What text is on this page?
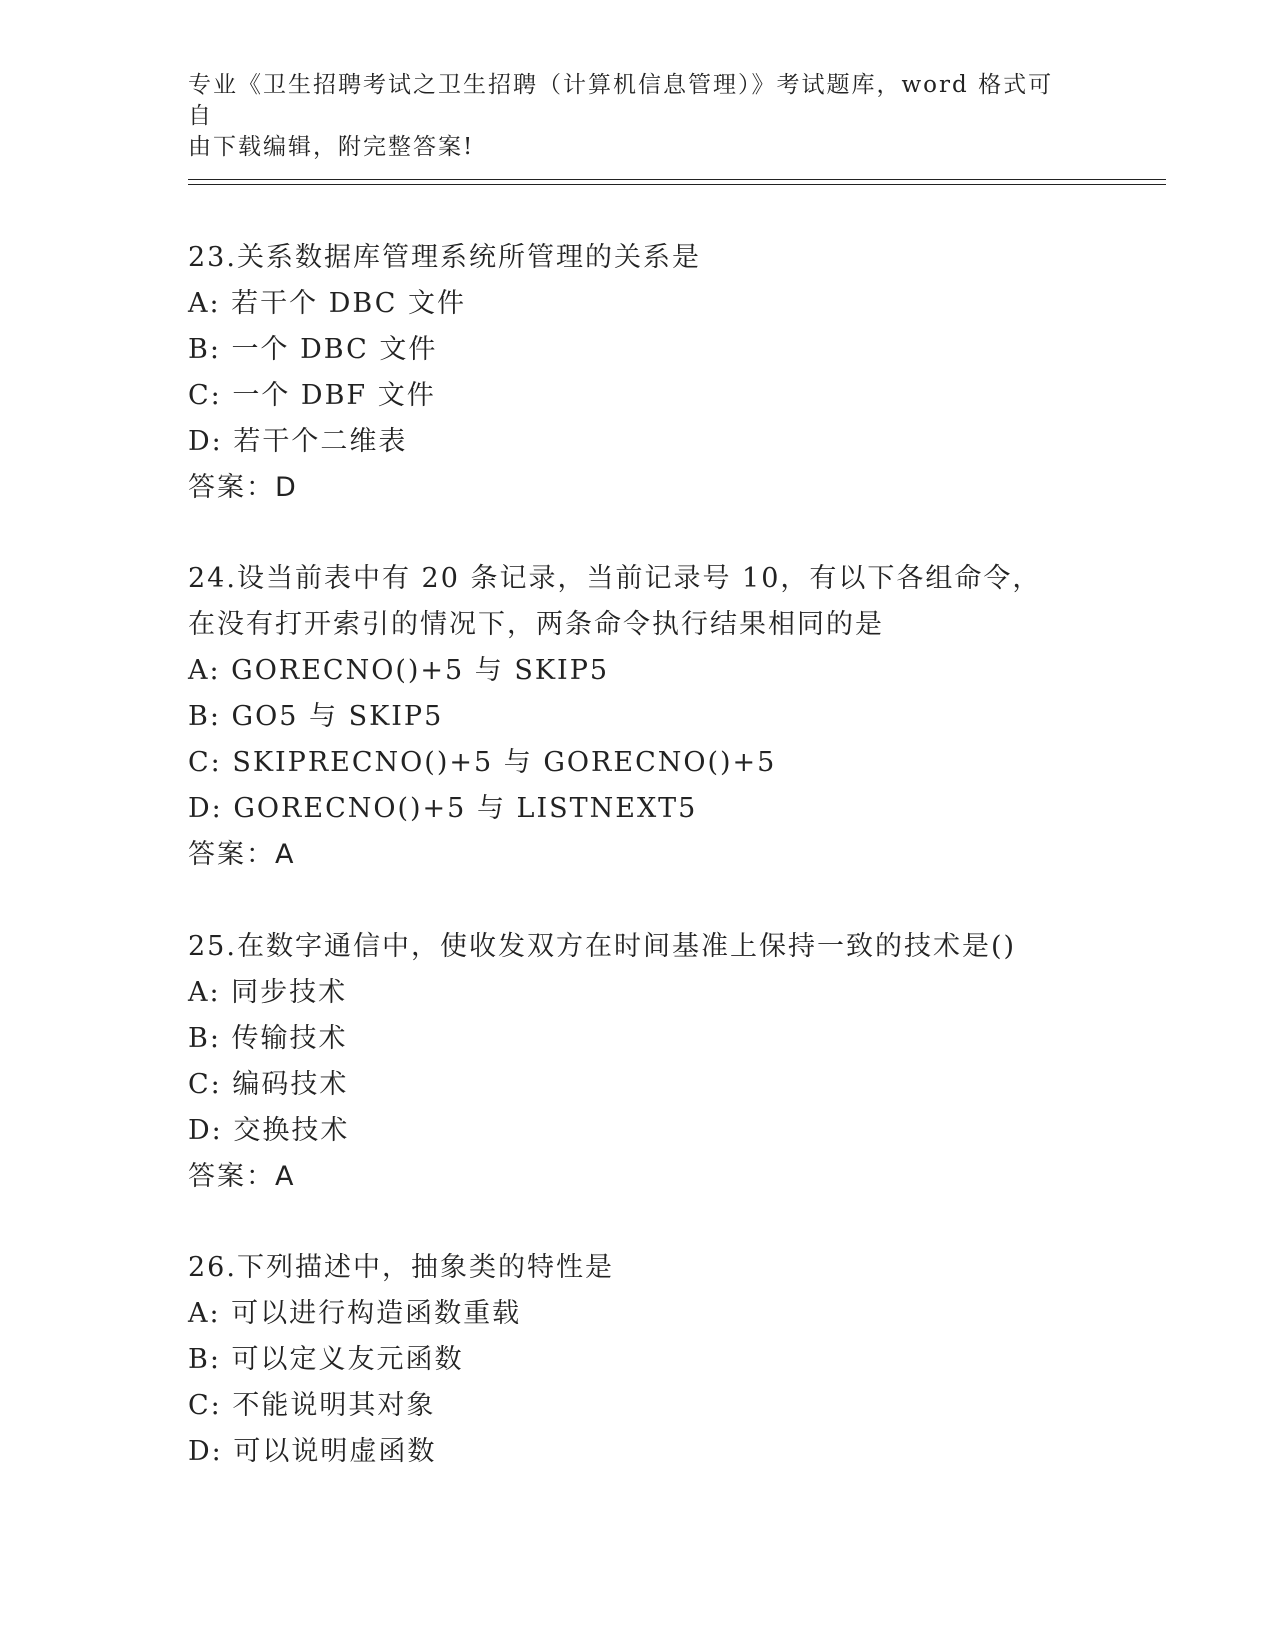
专业《卫生招聘考试之卫生招聘（计算机信息管理）》考试题库，word 格式可自
由下载编辑，附完整答案!
23.关系数据库管理系统所管理的关系是
A: 若干个 DBC 文件
B: 一个 DBC 文件
C: 一个 DBF 文件
D: 若干个二维表
答案：D
24.设当前表中有 20 条记录，当前记录号 10，有以下各组命令，在没有打开索引的情况下，两条命令执行结果相同的是
A: GORECNO()+5 与 SKIP5
B: GO5 与 SKIP5
C: SKIPRECNO()+5 与 GORECNO()+5
D: GORECNO()+5 与 LISTNEXT5
答案：A
25.在数字通信中，使收发双方在时间基准上保持一致的技术是()
A: 同步技术
B: 传输技术
C: 编码技术
D: 交换技术
答案：A
26.下列描述中，抽象类的特性是
A: 可以进行构造函数重载
B: 可以定义友元函数
C: 不能说明其对象
D: 可以说明虚函数
